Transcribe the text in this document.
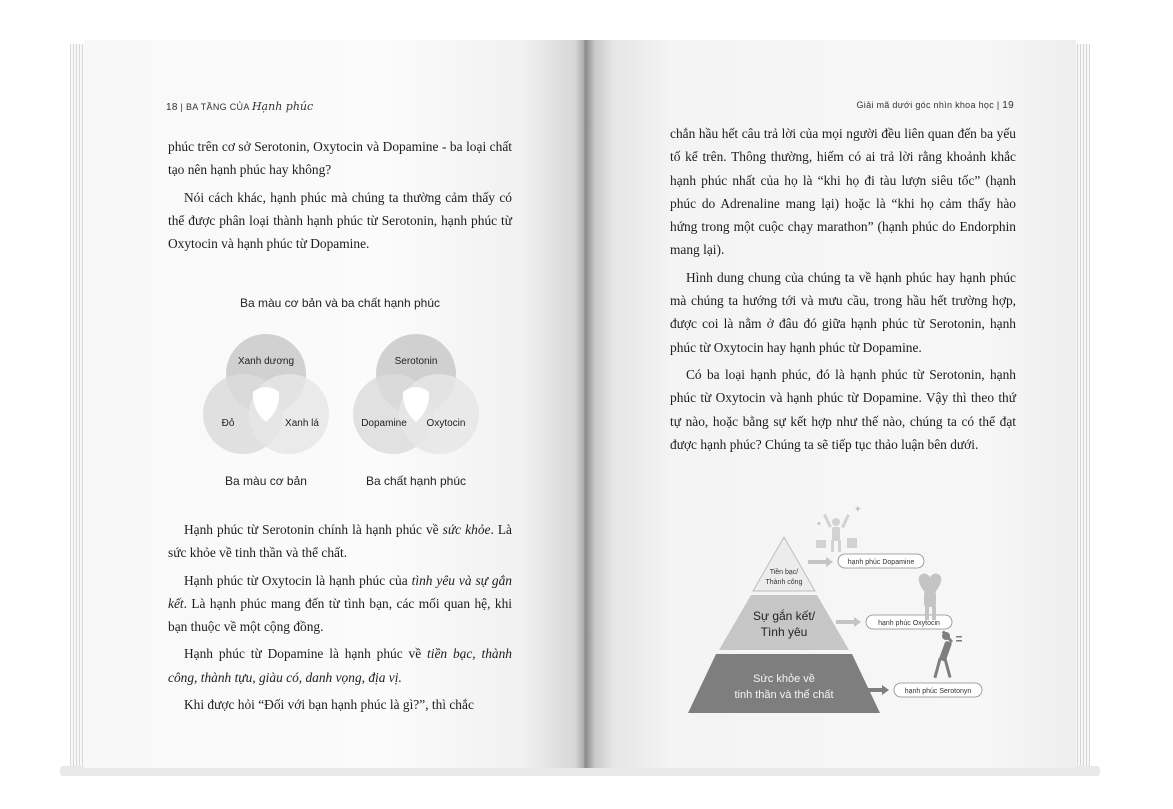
18 | BA TẦNG CỦA Hạnh phúc

phúc trên cơ sở Serotonin, Oxytocin và Dopamine - ba loại chất tạo nên hạnh phúc hay không?

Nói cách khác, hạnh phúc mà chúng ta thường cảm thấy có thể được phân loại thành hạnh phúc từ Serotonin, hạnh phúc từ Oxytocin và hạnh phúc từ Dopamine.

Ba màu cơ bản và ba chất hạnh phúc
Xanh dương
Đỏ	Xanh lá
Ba màu cơ bản
Serotonin
Dopamine Oxytocin
Ba chất hạnh phúc

Hạnh phúc từ Serotonin chính là hạnh phúc về sức khỏe. Là sức khỏe về tinh thần và thể chất.

Hạnh phúc từ Oxytocin là hạnh phúc của tình yêu và sự gắn kết. Là hạnh phúc mang đến từ tình bạn, các mối quan hệ, khi bạn thuộc về một cộng đồng.

Hạnh phúc từ Dopamine là hạnh phúc về tiền bạc, thành công, thành tựu, giàu có, danh vọng, địa vị.

Khi được hỏi “Đối với bạn hạnh phúc là gì?”, thì chắc

Giải mã dưới góc nhìn khoa học | 19

chắn hầu hết câu trả lời của mọi người đều liên quan đến ba yếu tố kể trên. Thông thường, hiếm có ai trả lời rằng khoảnh khắc hạnh phúc nhất của họ là “khi họ đi tàu lượn siêu tốc” (hạnh phúc do Adrenaline mang lại) hoặc là “khi họ cảm thấy hào hứng trong một cuộc chạy marathon” (hạnh phúc do Endorphin mang lại).

Hình dung chung của chúng ta về hạnh phúc hay hạnh phúc mà chúng ta hướng tới và mưu cầu, trong hầu hết trường hợp, được coi là nằm ở đâu đó giữa hạnh phúc từ Serotonin, hạnh phúc từ Oxytocin hay hạnh phúc từ Dopamine.

Có ba loại hạnh phúc, đó là hạnh phúc từ Serotonin, hạnh phúc từ Oxytocin và hạnh phúc từ Dopamine. Vậy thì theo thứ tự nào, hoặc bằng sự kết hợp như thế nào, chúng ta có thể đạt được hạnh phúc? Chúng ta sẽ tiếp tục thảo luận bên dưới.

Tiền bạc/
Thành công
Sự gắn kết/
Tình yêu
Sức khỏe về
tinh thần và thể chất
hạnh phúc Dopamine
hạnh phúc Oxytocin
hạnh phúc Serotonyn
✦
✦
